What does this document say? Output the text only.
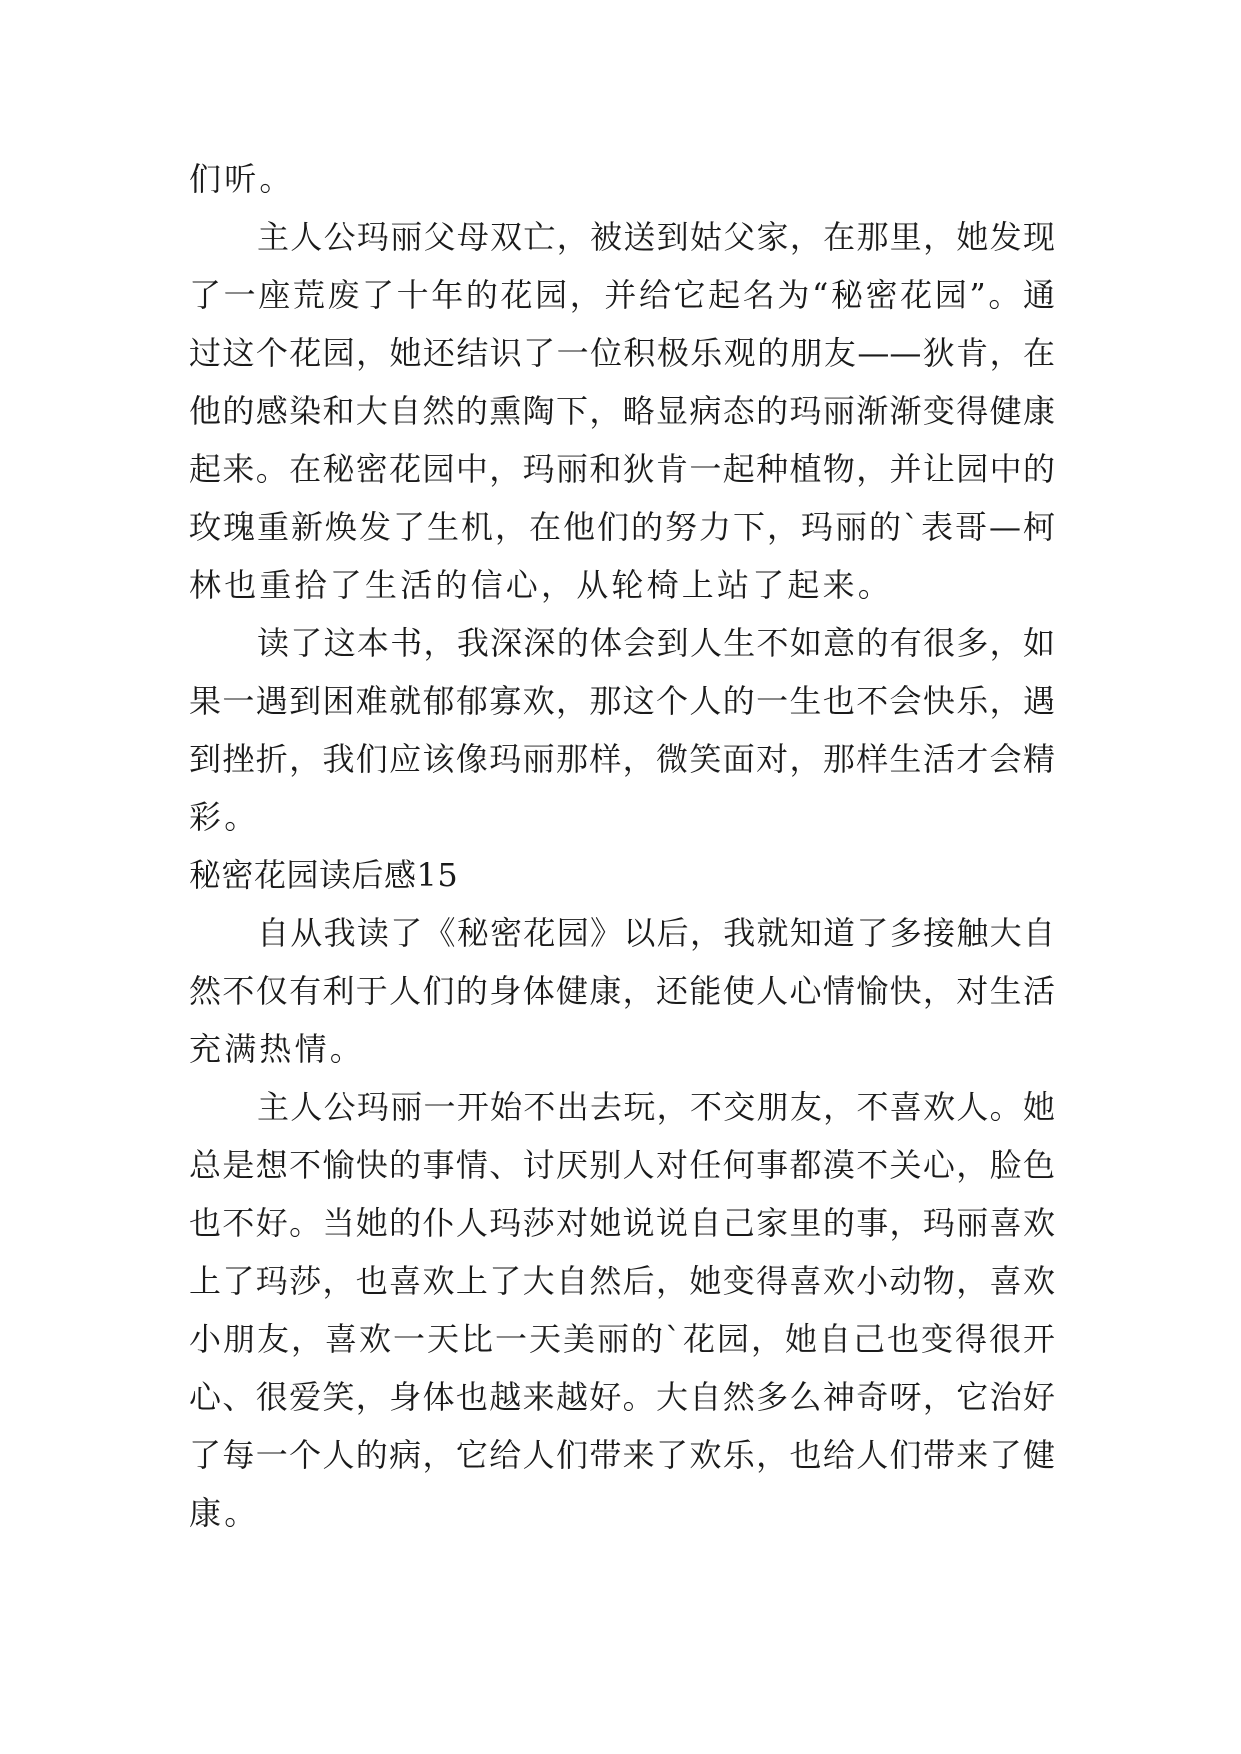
们听。
主人公玛丽父母双亡，被送到姑父家，在那里，她发现
了一座荒废了十年的花园，并给它起名为“秘密花园”。通
过这个花园，她还结识了一位积极乐观的朋友——狄肯，在
他的感染和大自然的熏陶下，略显病态的玛丽渐渐变得健康
起来。在秘密花园中，玛丽和狄肯一起种植物，并让园中的
玫瑰重新焕发了生机，在他们的努力下，玛丽的`表哥—柯
林也重拾了生活的信心，从轮椅上站了起来。
读了这本书，我深深的体会到人生不如意的有很多，如
果一遇到困难就郁郁寡欢，那这个人的一生也不会快乐，遇
到挫折，我们应该像玛丽那样，微笑面对，那样生活才会精
彩。
秘密花园读后感15
自从我读了《秘密花园》以后，我就知道了多接触大自
然不仅有利于人们的身体健康，还能使人心情愉快，对生活
充满热情。
主人公玛丽一开始不出去玩，不交朋友，不喜欢人。她
总是想不愉快的事情、讨厌别人对任何事都漠不关心，脸色
也不好。当她的仆人玛莎对她说说自己家里的事，玛丽喜欢
上了玛莎，也喜欢上了大自然后，她变得喜欢小动物，喜欢
小朋友，喜欢一天比一天美丽的`花园，她自己也变得很开
心、很爱笑，身体也越来越好。大自然多么神奇呀，它治好
了每一个人的病，它给人们带来了欢乐，也给人们带来了健
康。
